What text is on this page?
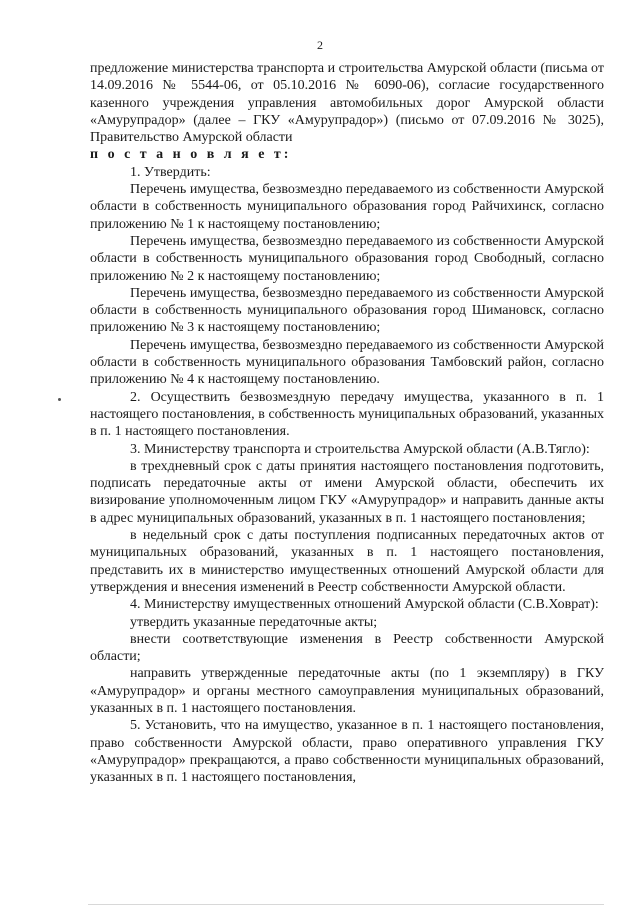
2

предложение министерства транспорта и строительства Амурской области (письма от 14.09.2016 № 5544-06, от 05.10.2016 № 6090-06), согласие государственного казенного учреждения управления автомобильных дорог Амурской области «Амурупрадор» (далее – ГКУ «Амурупрадор») (письмо от 07.09.2016 № 3025), Правительство Амурской области

п о с т а н о в л я е т:

1. Утвердить:

Перечень имущества, безвозмездно передаваемого из собственности Амурской области в собственность муниципального образования город Райчихинск, согласно приложению № 1 к настоящему постановлению;

Перечень имущества, безвозмездно передаваемого из собственности Амурской области в собственность муниципального образования город Свободный, согласно приложению № 2 к настоящему постановлению;

Перечень имущества, безвозмездно передаваемого из собственности Амурской области в собственность муниципального образования город Шимановск, согласно приложению № 3 к настоящему постановлению;

Перечень имущества, безвозмездно передаваемого из собственности Амурской области в собственность муниципального образования Тамбовский район, согласно приложению № 4 к настоящему постановлению.

2. Осуществить безвозмездную передачу имущества, указанного в п. 1 настоящего постановления, в собственность муниципальных образований, указанных в п. 1 настоящего постановления.

3. Министерству транспорта и строительства Амурской области (А.В.Тягло):

в трехдневный срок с даты принятия настоящего постановления подготовить, подписать передаточные акты от имени Амурской области, обеспечить их визирование уполномоченным лицом ГКУ «Амурупрадор» и направить данные акты в адрес муниципальных образований, указанных в п. 1 настоящего постановления;

в недельный срок с даты поступления подписанных передаточных актов от муниципальных образований, указанных в п. 1 настоящего постановления, представить их в министерство имущественных отношений Амурской области для утверждения и внесения изменений в Реестр собственности Амурской области.

4. Министерству имущественных отношений Амурской области (С.В.Ховрат):

утвердить указанные передаточные акты;

внести соответствующие изменения в Реестр собственности Амурской области;

направить утвержденные передаточные акты (по 1 экземпляру) в ГКУ «Амурупрадор» и органы местного самоуправления муниципальных образований, указанных в п. 1 настоящего постановления.

5. Установить, что на имущество, указанное в п. 1 настоящего постановления, право собственности Амурской области, право оперативного управления ГКУ «Амурупрадор» прекращаются, а право собственности муниципальных образований, указанных в п. 1 настоящего постановления,
